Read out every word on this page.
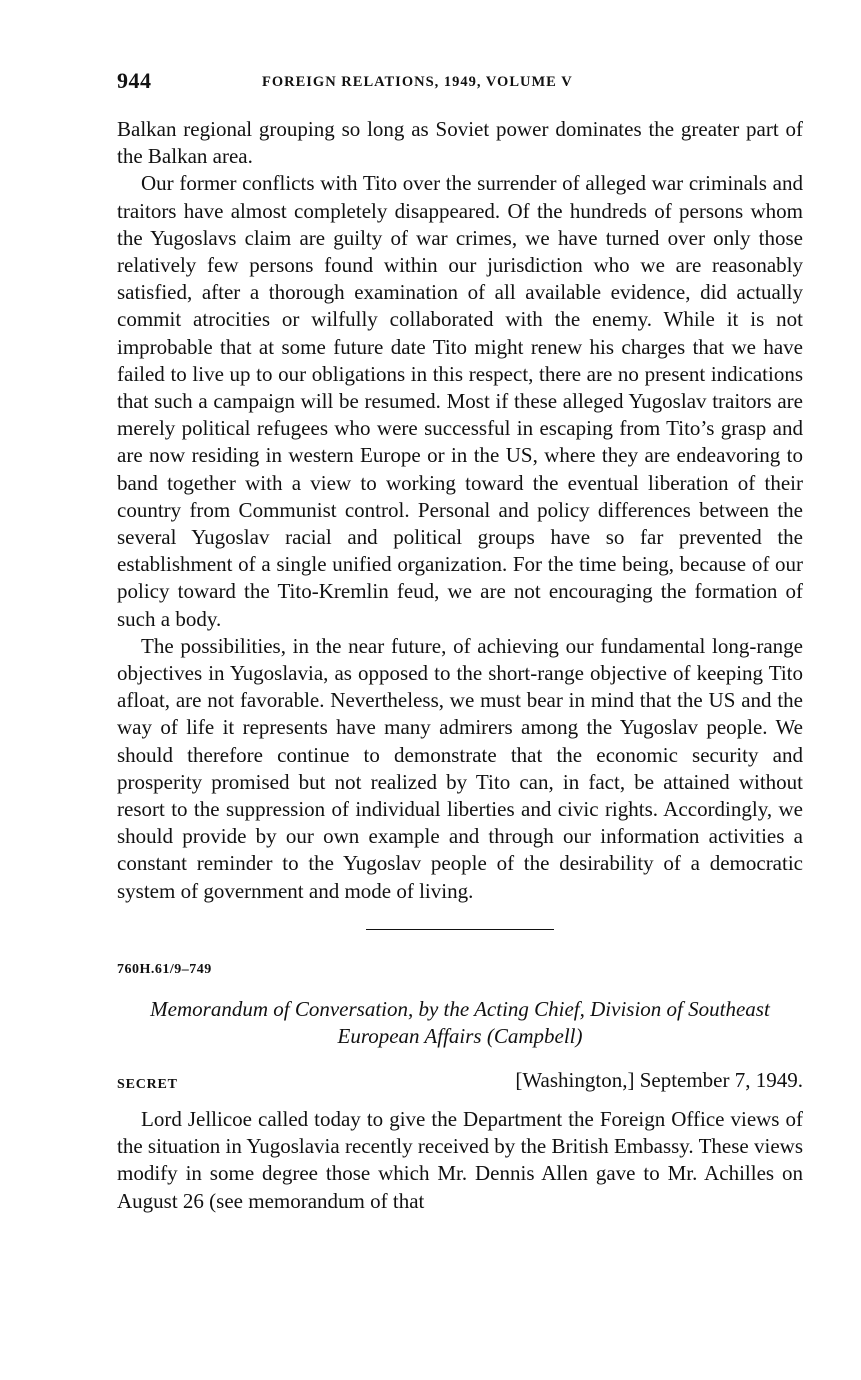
944	FOREIGN RELATIONS, 1949, VOLUME V

Balkan regional grouping so long as Soviet power dominates the greater part of the Balkan area.

Our former conflicts with Tito over the surrender of alleged war criminals and traitors have almost completely disappeared. Of the hundreds of persons whom the Yugoslavs claim are guilty of war crimes, we have turned over only those relatively few persons found within our jurisdiction who we are reasonably satisfied, after a thorough examination of all available evidence, did actually commit atrocities or wilfully collaborated with the enemy. While it is not improbable that at some future date Tito might renew his charges that we have failed to live up to our obligations in this respect, there are no present indications that such a campaign will be resumed. Most if these alleged Yugoslav traitors are merely political refugees who were successful in escaping from Tito’s grasp and are now residing in western Europe or in the US, where they are endeavoring to band together with a view to working toward the eventual liberation of their country from Communist control. Personal and policy differences between the several Yugoslav racial and political groups have so far prevented the establishment of a single unified organization. For the time being, because of our policy toward the Tito-Kremlin feud, we are not encouraging the formation of such a body.

The possibilities, in the near future, of achieving our fundamental long-range objectives in Yugoslavia, as opposed to the short-range objective of keeping Tito afloat, are not favorable. Nevertheless, we must bear in mind that the US and the way of life it represents have many admirers among the Yugoslav people. We should therefore continue to demonstrate that the economic security and prosperity promised but not realized by Tito can, in fact, be attained without resort to the suppression of individual liberties and civic rights. Accordingly, we should provide by our own example and through our information activities a constant reminder to the Yugoslav people of the desirability of a democratic system of government and mode of living.

760H.61/9–749
Memorandum of Conversation, by the Acting Chief, Division of Southeast European Affairs (Campbell)
SECRET	[Washington,] September 7, 1949.

Lord Jellicoe called today to give the Department the Foreign Office views of the situation in Yugoslavia recently received by the British Embassy. These views modify in some degree those which Mr. Dennis Allen gave to Mr. Achilles on August 26 (see memorandum of that
